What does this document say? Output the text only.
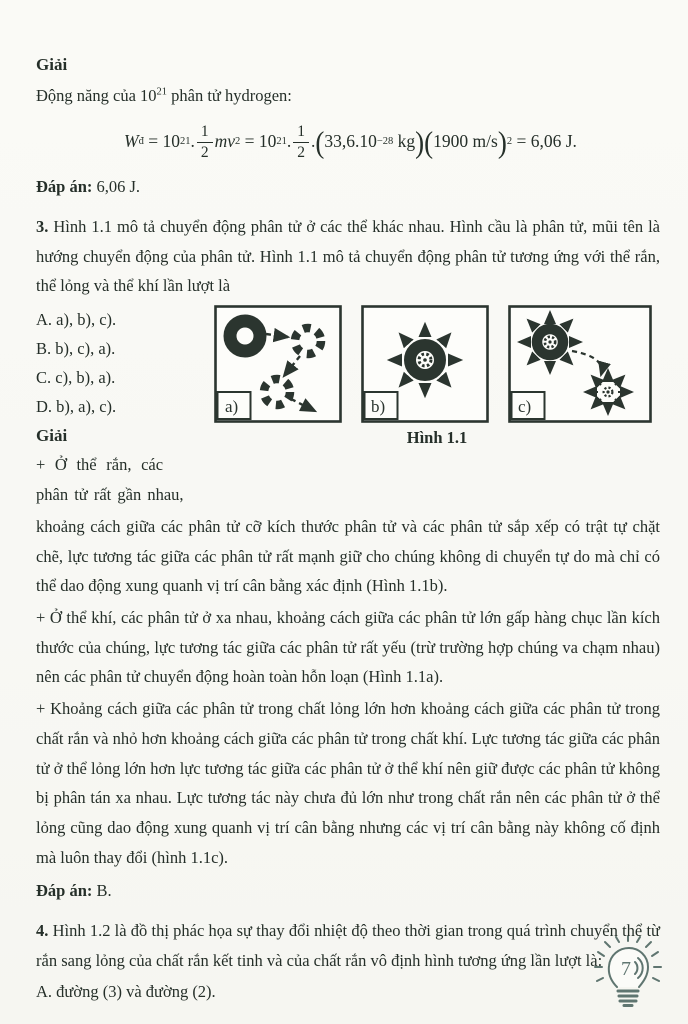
Giải
Động năng của $10^{21}$ phân tử hydrogen:
W đ = 10 21 . $\frac{1}{2}$ mv 2 = 10 21 . $\frac{1}{2}$ . ( 33,6.10 −28 kg ) ( 1900 m/s ) 2 = 6,06 J.
Đáp án: 6,06 J.
3. Hình 1.1 mô tả chuyển động phân tử ở các thể khác nhau. Hình cầu là phân tử, mũi tên là hướng chuyển động của phân tử. Hình 1.1 mô tả chuyển động phân tử tương ứng với thể rắn, thể lỏng và thể khí lần lượt là
A. a), b), c).
B. b), c), a).
C. c), b), a).
D. b), a), c).
Giải
+ Ở thể rắn, các
phân tử rất gần nhau,
a)	b)	c)
Hình 1.1
khoảng cách giữa các phân tử cỡ kích thước phân tử và các phân tử sắp xếp có trật tự chặt chẽ, lực tương tác giữa các phân tử rất mạnh giữ cho chúng không di chuyển tự do mà chỉ có thể dao động xung quanh vị trí cân bằng xác định (Hình 1.1b).
+ Ở thể khí, các phân tử ở xa nhau, khoảng cách giữa các phân tử lớn gấp hàng chục lần kích thước của chúng, lực tương tác giữa các phân tử rất yếu (trừ trường hợp chúng va chạm nhau) nên các phân tử chuyển động hoàn toàn hỗn loạn (Hình 1.1a).
+ Khoảng cách giữa các phân tử trong chất lỏng lớn hơn khoảng cách giữa các phân tử trong chất rắn và nhỏ hơn khoảng cách giữa các phân tử trong chất khí. Lực tương tác giữa các phân tử ở thể lỏng lớn hơn lực tương tác giữa các phân tử ở thể khí nên giữ được các phân tử không bị phân tán xa nhau. Lực tương tác này chưa đủ lớn như trong chất rắn nên các phân tử ở thể lỏng cũng dao động xung quanh vị trí cân bằng nhưng các vị trí cân bằng này không cố định mà luôn thay đổi (hình 1.1c).
Đáp án: B.
4. Hình 1.2 là đồ thị phác họa sự thay đổi nhiệt độ theo thời gian trong quá trình chuyển thể từ rắn sang lỏng của chất rắn kết tinh và của chất rắn vô định hình tương ứng lần lượt là:
A. đường (3) và đường (2).
7
